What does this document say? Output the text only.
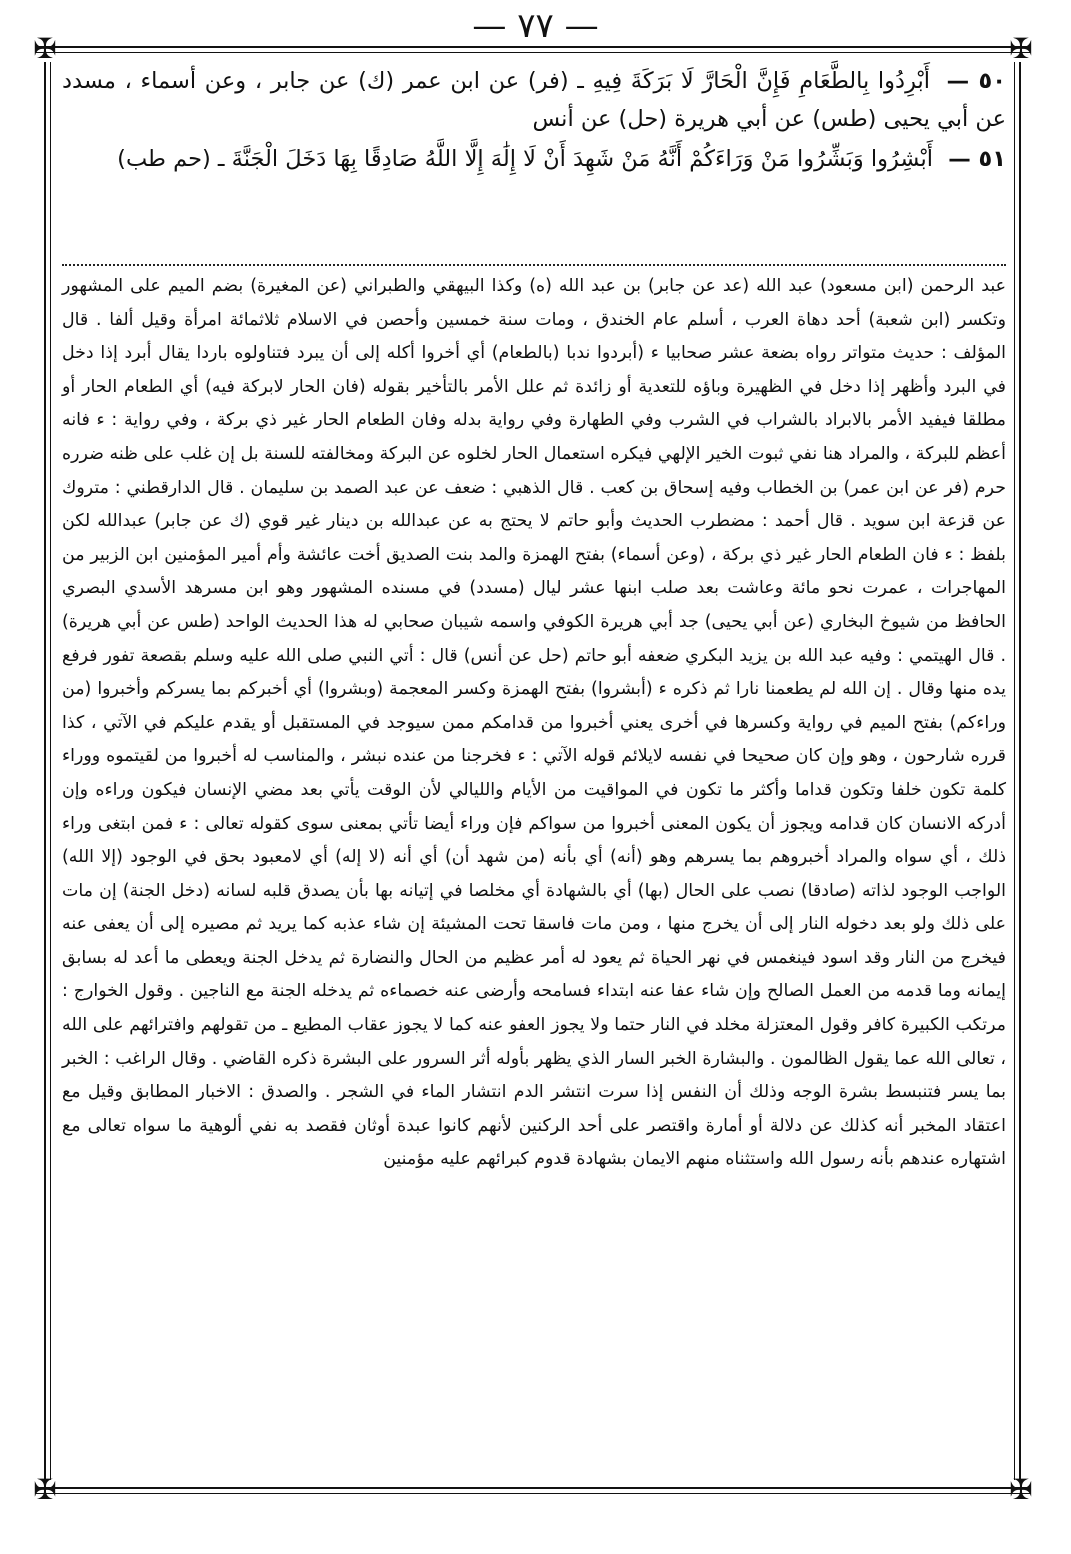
— ٧٧ —
✠	✠
✠	✠

٥٠ — أَبْرِدُوا بِالطَّعَامِ فَإِنَّ الْحَارَّ لَا بَرَكَةَ فِيهِ ـ (فر) عن ابن عمر (ك) عن جابر ، وعن أسماء ، مسدد عن أبي يحيى (طس) عن أبي هريرة (حل) عن أنس

٥١ — أَبْشِرُوا وَبَشِّرُوا مَنْ وَرَاءَكُمْ أَنَّهُ مَنْ شَهِدَ أَنْ لَا إِلَٰهَ إِلَّا اللَّهُ صَادِقًا بِهَا دَخَلَ الْجَنَّةَ ـ (حم طب)

عبد الرحمن (ابن مسعود) عبد الله (عد عن جابر) بن عبد الله (ه) وكذا البيهقي والطبراني (عن المغيرة) بضم الميم على المشهور وتكسر (ابن شعبة) أحد دهاة العرب ، أسلم عام الخندق ، ومات سنة خمسين وأحصن في الاسلام ثلاثمائة امرأة وقيل ألفا . قال المؤلف : حديث متواتر رواه بضعة عشر صحابيا ء (أبردوا ندبا (بالطعام) أي أخروا أكله إلى أن يبرد فتناولوه باردا يقال أبرد إذا دخل في البرد وأظهر إذا دخل في الظهيرة وباؤه للتعدية أو زائدة ثم علل الأمر بالتأخير بقوله (فان الحار لابركة فيه) أي الطعام الحار أو مطلقا فيفيد الأمر بالابراد بالشراب في الشرب وفي الطهارة وفي رواية بدله وفان الطعام الحار غير ذي بركة ، وفي رواية : ء فانه أعظم للبركة ، والمراد هنا نفي ثبوت الخير الإلهي فيكره استعمال الحار لخلوه عن البركة ومخالفته للسنة بل إن غلب على ظنه ضرره حرم (فر عن ابن عمر) بن الخطاب وفيه إسحاق بن كعب . قال الذهبي : ضعف عن عبد الصمد بن سليمان . قال الدارقطني : متروك عن قزعة ابن سويد . قال أحمد : مضطرب الحديث وأبو حاتم لا يحتج به عن عبدالله بن دينار غير قوي (ك عن جابر) عبدالله لكن بلفظ : ء فان الطعام الحار غير ذي بركة ، (وعن أسماء) بفتح الهمزة والمد بنت الصديق أخت عائشة وأم أمير المؤمنين ابن الزبير من المهاجرات ، عمرت نحو مائة وعاشت بعد صلب ابنها عشر ليال (مسدد) في مسنده المشهور وهو ابن مسرهد الأسدي البصري الحافظ من شيوخ البخاري (عن أبي يحيى) جد أبي هريرة الكوفي واسمه شيبان صحابي له هذا الحديث الواحد (طس عن أبي هريرة) . قال الهيتمي : وفيه عبد الله بن يزيد البكري ضعفه أبو حاتم (حل عن أنس) قال : أتي النبي صلى الله عليه وسلم بقصعة تفور فرفع يده منها وقال . إن الله لم يطعمنا نارا ثم ذكره ء (أبشروا) بفتح الهمزة وكسر المعجمة (وبشروا) أي أخبركم بما يسركم وأخبروا (من وراءكم) بفتح الميم في رواية وكسرها في أخرى يعني أخبروا من قدامكم ممن سيوجد في المستقبل أو يقدم عليكم في الآتي ، كذا قرره شارحون ، وهو وإن كان صحيحا في نفسه لايلائم قوله الآتي : ء فخرجنا من عنده نبشر ، والمناسب له أخبروا من لقيتموه ووراء كلمة تكون خلفا وتكون قداما وأكثر ما تكون في المواقيت من الأيام والليالي لأن الوقت يأتي بعد مضي الإنسان فيكون وراءه وإن أدركه الانسان كان قدامه ويجوز أن يكون المعنى أخبروا من سواكم فإن وراء أيضا تأتي بمعنى سوى كقوله تعالى : ء فمن ابتغى وراء ذلك ، أي سواه والمراد أخبروهم بما يسرهم وهو (أنه) أي بأنه (من شهد أن) أي أنه (لا إله) أي لامعبود بحق في الوجود (إلا الله) الواجب الوجود لذاته (صادقا) نصب على الحال (بها) أي بالشهادة أي مخلصا في إتيانه بها بأن يصدق قلبه لسانه (دخل الجنة) إن مات على ذلك ولو بعد دخوله النار إلى أن يخرج منها ، ومن مات فاسقا تحت المشيئة إن شاء عذبه كما يريد ثم مصيره إلى أن يعفى عنه فيخرج من النار وقد اسود فينغمس في نهر الحياة ثم يعود له أمر عظيم من الحال والنضارة ثم يدخل الجنة ويعطى ما أعد له بسابق إيمانه وما قدمه من العمل الصالح وإن شاء عفا عنه ابتداء فسامحه وأرضى عنه خصماءه ثم يدخله الجنة مع الناجين . وقول الخوارج : مرتكب الكبيرة كافر وقول المعتزلة مخلد في النار حتما ولا يجوز العفو عنه كما لا يجوز عقاب المطيع ـ من تقولهم وافترائهم على الله ، تعالى الله عما يقول الظالمون . والبشارة الخبر السار الذي يظهر بأوله أثر السرور على البشرة ذكره القاضي . وقال الراغب : الخبر بما يسر فتنبسط بشرة الوجه وذلك أن النفس إذا سرت انتشر الدم انتشار الماء في الشجر . والصدق : الاخبار المطابق وقيل مع اعتقاد المخبر أنه كذلك عن دلالة أو أمارة واقتصر على أحد الركنين لأنهم كانوا عبدة أوثان فقصد به نفي ألوهية ما سواه تعالى مع اشتهاره عندهم بأنه رسول الله واستثناه منهم الايمان بشهادة قدوم كبرائهم عليه مؤمنين
